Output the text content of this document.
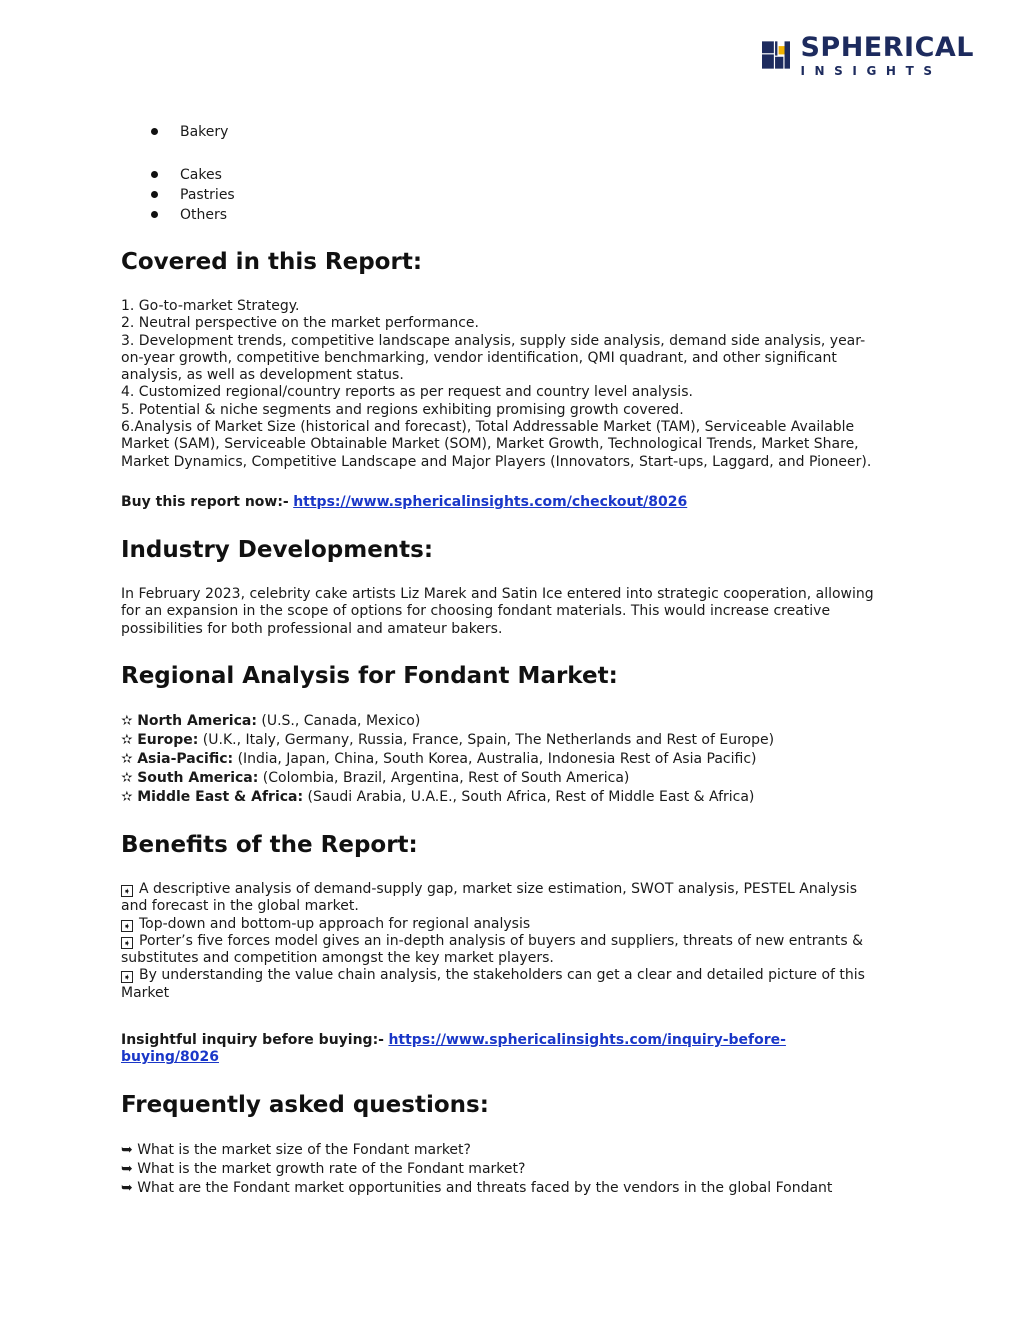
SPHERICAL
INSIGHTS
Bakery
Cakes
Pastries
Others
Covered in this Report:
1. Go-to-market Strategy.
2. Neutral perspective on the market performance.
3. Development trends, competitive landscape analysis, supply side analysis, demand side analysis, year-
on-year growth, competitive benchmarking, vendor identification, QMI quadrant, and other significant
analysis, as well as development status.
4. Customized regional/country reports as per request and country level analysis.
5. Potential & niche segments and regions exhibiting promising growth covered.
6.Analysis of Market Size (historical and forecast), Total Addressable Market (TAM), Serviceable Available
Market (SAM), Serviceable Obtainable Market (SOM), Market Growth, Technological Trends, Market Share,
Market Dynamics, Competitive Landscape and Major Players (Innovators, Start-ups, Laggard, and Pioneer).
Buy this report now:- https://www.sphericalinsights.com/checkout/8026
Industry Developments:
In February 2023, celebrity cake artists Liz Marek and Satin Ice entered into strategic cooperation, allowing
for an expansion in the scope of options for choosing fondant materials. This would increase creative
possibilities for both professional and amateur bakers.
Regional Analysis for Fondant Market:
✫ North America: (U.S., Canada, Mexico)
✫ Europe: (U.K., Italy, Germany, Russia, France, Spain, The Netherlands and Rest of Europe)
✫ Asia-Pacific: (India, Japan, China, South Korea, Australia, Indonesia Rest of Asia Pacific)
✫ South America: (Colombia, Brazil, Argentina, Rest of South America)
✫ Middle East & Africa: (Saudi Arabia, U.A.E., South Africa, Rest of Middle East & Africa)
Benefits of the Report:
➧ A descriptive analysis of demand-supply gap, market size estimation, SWOT analysis, PESTEL Analysis
and forecast in the global market.
➧ Top-down and bottom-up approach for regional analysis
➧ Porter’s five forces model gives an in-depth analysis of buyers and suppliers, threats of new entrants &
substitutes and competition amongst the key market players.
➧ By understanding the value chain analysis, the stakeholders can get a clear and detailed picture of this
Market
Insightful inquiry before buying:- https://www.sphericalinsights.com/inquiry-before-
buying/8026
Frequently asked questions:
➥ What is the market size of the Fondant market?
➥ What is the market growth rate of the Fondant market?
➥ What are the Fondant market opportunities and threats faced by the vendors in the global Fondant
